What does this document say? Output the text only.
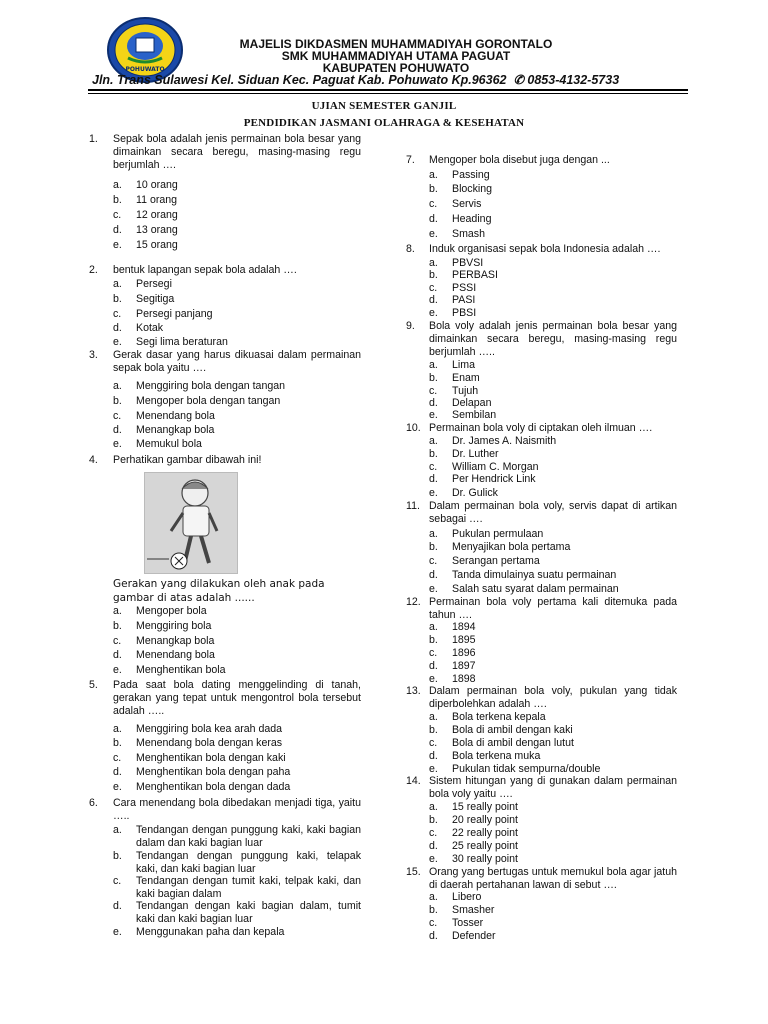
POHUWATO
MAJELIS DIKDASMEN MUHAMMADIYAH GORONTALO
SMK MUHAMMADIYAH UTAMA PAGUAT
KABUPATEN POHUWATO
Jln. Trans Sulawesi Kel. Siduan Kec. Paguat Kab. Pohuwato Kp.96362  ✆ 0853-4132-5733
UJIAN SEMESTER GANJIL
PENDIDIKAN JASMANI OLAHRAGA & KESEHATAN
1. Sepak bola adalah jenis permainan bola besar yang dimainkan secara beregu, masing-masing regu berjumlah ….
a. 10 orang
b. 11 orang
c. 12 orang
d. 13 orang
e. 15 orang
2. bentuk lapangan sepak bola adalah ….
a. Persegi
b. Segitiga
c. Persegi panjang
d. Kotak
e. Segi lima beraturan
3. Gerak dasar yang harus dikuasai dalam permainan sepak bola yaitu ….
a. Menggiring bola dengan tangan
b. Mengoper bola dengan tangan
c. Menendang bola
d. Menangkap bola
e. Memukul bola
4. Perhatikan gambar dibawah ini!
Gerakan yang dilakukan oleh anak pada gambar di atas adalah ......
a. Mengoper bola
b. Menggiring bola
c. Menangkap bola
d. Menendang bola
e. Menghentikan bola
5. Pada saat bola dating menggelinding di tanah, gerakan yang tepat untuk mengontrol bola tersebut adalah …..
a. Menggiring bola kea arah dada
b. Menendang bola dengan keras
c. Menghentikan bola dengan kaki
d. Menghentikan bola dengan paha
e. Menghentikan bola dengan dada
6. Cara menendang bola dibedakan menjadi tiga, yaitu …..
a. Tendangan dengan punggung kaki, kaki bagian dalam dan kaki bagian luar
b. Tendangan dengan punggung kaki, telapak kaki, dan kaki bagian luar
c. Tendangan dengan tumit kaki, telpak kaki, dan kaki bagian dalam
d. Tendangan dengan kaki bagian dalam, tumit kaki dan kaki bagian luar
e. Menggunakan paha dan kepala
7. Mengoper bola disebut juga dengan ...
a. Passing
b. Blocking
c. Servis
d. Heading
e. Smash
8. Induk organisasi sepak bola Indonesia adalah ….
a. PBVSI
b. PERBASI
c. PSSI
d. PASI
e. PBSI
9. Bola voly adalah jenis permainan bola besar yang dimainkan secara beregu, masing-masing regu berjumlah …..
a. Lima
b. Enam
c. Tujuh
d. Delapan
e. Sembilan
10. Permainan bola voly di ciptakan oleh ilmuan ….
a. Dr. James A. Naismith
b. Dr. Luther
c. William C. Morgan
d. Per Hendrick Link
e. Dr. Gulick
11. Dalam permainan bola voly, servis dapat di artikan sebagai ….
a. Pukulan permulaan
b. Menyajikan bola pertama
c. Serangan pertama
d. Tanda dimulainya suatu permainan
e. Salah satu syarat dalam permainan
12. Permainan bola voly pertama kali ditemuka pada tahun ….
a. 1894
b. 1895
c. 1896
d. 1897
e. 1898
13. Dalam permainan bola voly, pukulan yang tidak diperbolehkan adalah ….
a. Bola terkena kepala
b. Bola di ambil dengan kaki
c. Bola di ambil dengan lutut
d. Bola terkena muka
e. Pukulan tidak sempurna/double
14. Sistem hitungan yang di gunakan dalam permainan bola voly yaitu ….
a. 15 really point
b. 20 really point
c. 22 really point
d. 25 really point
e. 30 really point
15. Orang yang bertugas untuk memukul bola agar jatuh di daerah pertahanan lawan di sebut ….
a. Libero
b. Smasher
c. Tosser
d. Defender
